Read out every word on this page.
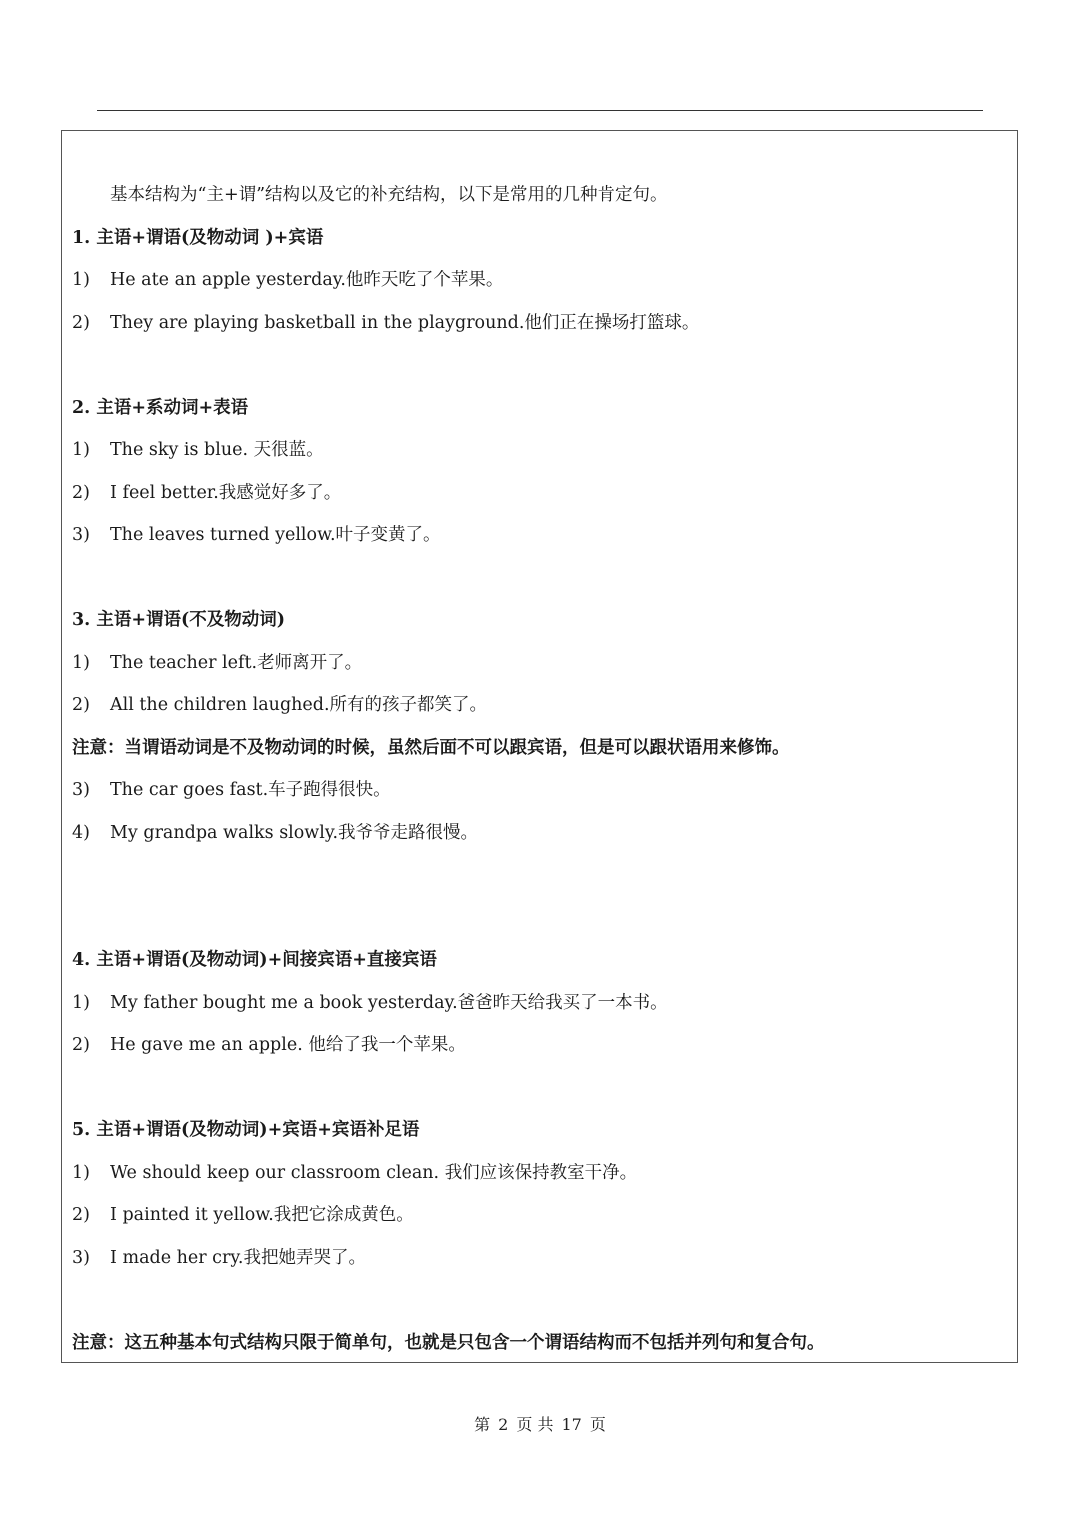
基本结构为“主+谓”结构以及它的补充结构，以下是常用的几种肯定句。
1. 主语+谓语(及物动词 )+宾语
1) He ate an apple yesterday.他昨天吃了个苹果。
2) They are playing basketball in the playground.他们正在操场打篮球。
2. 主语+系动词+表语
1) The sky is blue. 天很蓝。
2) I feel better.我感觉好多了。
3) The leaves turned yellow.叶子变黄了。
3. 主语+谓语(不及物动词)
1) The teacher left.老师离开了。
2) All the children laughed.所有的孩子都笑了。
注意：当谓语动词是不及物动词的时候，虽然后面不可以跟宾语，但是可以跟状语用来修饰。
3) The car goes fast.车子跑得很快。
4) My grandpa walks slowly.我爷爷走路很慢。
4. 主语+谓语(及物动词)+间接宾语+直接宾语
1) My father bought me a book yesterday.爸爸昨天给我买了一本书。
2) He gave me an apple. 他给了我一个苹果。
5. 主语+谓语(及物动词)+宾语+宾语补足语
1) We should keep our classroom clean. 我们应该保持教室干净。
2) I painted it yellow.我把它涂成黄色。
3) I made her cry.我把她弄哭了。
注意：这五种基本句式结构只限于简单句，也就是只包含一个谓语结构而不包括并列句和复合句。
第 2 页 共 17 页
